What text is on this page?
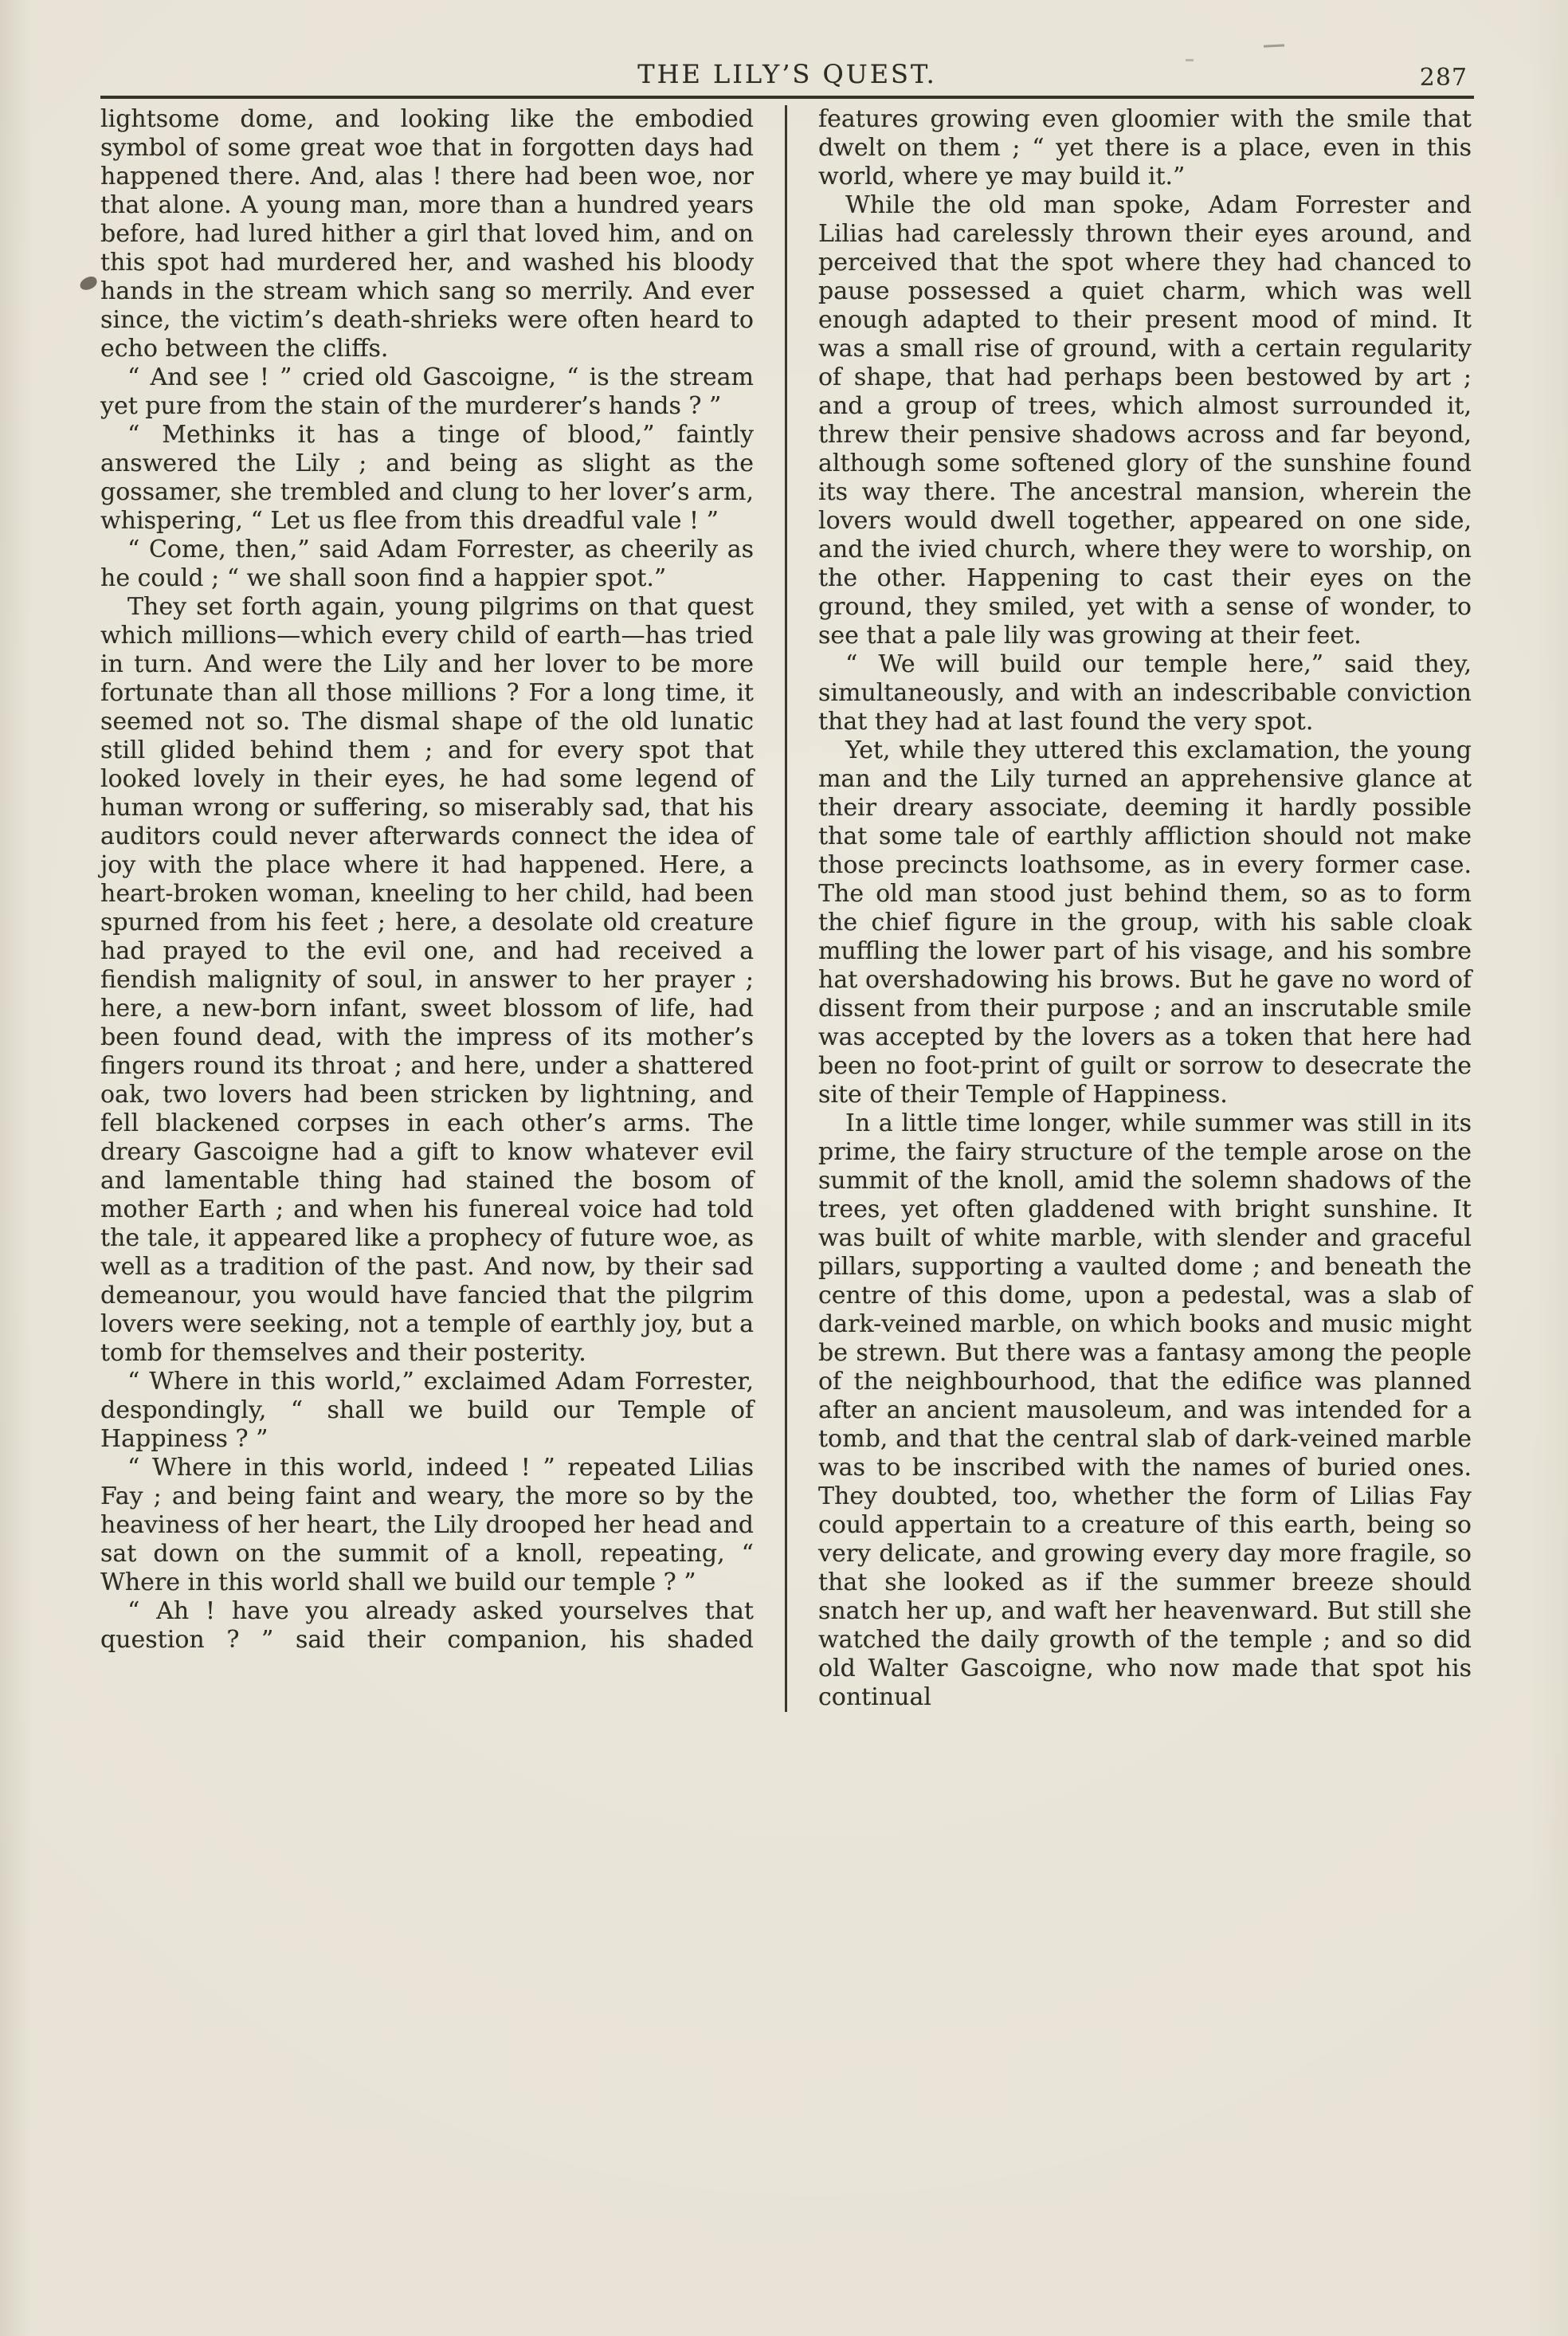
THE LILY’S QUEST.	287

lightsome dome, and looking like the embodied symbol of some great woe that in forgotten days had happened there. And, alas ! there had been woe, nor that alone. A young man, more than a hundred years before, had lured hither a girl that loved him, and on this spot had murdered her, and washed his bloody hands in the stream which sang so merrily. And ever since, the victim’s death-shrieks were often heard to echo between the cliffs.

“ And see ! ” cried old Gascoigne, “ is the stream yet pure from the stain of the murderer’s hands ? ”

“ Methinks it has a tinge of blood,” faintly answered the Lily ; and being as slight as the gossamer, she trembled and clung to her lover’s arm, whispering, “ Let us flee from this dreadful vale ! ”

“ Come, then,” said Adam Forrester, as cheerily as he could ; “ we shall soon find a happier spot.”

They set forth again, young pilgrims on that quest which millions—which every child of earth—has tried in turn. And were the Lily and her lover to be more fortunate than all those millions ? For a long time, it seemed not so. The dismal shape of the old lunatic still glided behind them ; and for every spot that looked lovely in their eyes, he had some legend of human wrong or suffering, so miserably sad, that his auditors could never afterwards connect the idea of joy with the place where it had happened. Here, a heart-broken woman, kneeling to her child, had been spurned from his feet ; here, a desolate old creature had prayed to the evil one, and had received a fiendish malignity of soul, in answer to her prayer ; here, a new-born infant, sweet blossom of life, had been found dead, with the impress of its mother’s fingers round its throat ; and here, under a shattered oak, two lovers had been stricken by lightning, and fell blackened corpses in each other’s arms. The dreary Gascoigne had a gift to know whatever evil and lamentable thing had stained the bosom of mother Earth ; and when his funereal voice had told the tale, it appeared like a prophecy of future woe, as well as a tradition of the past. And now, by their sad demeanour, you would have fancied that the pilgrim lovers were seeking, not a temple of earthly joy, but a tomb for themselves and their posterity.

“ Where in this world,” exclaimed Adam Forrester, despondingly, “ shall we build our Temple of Happiness ? ”

“ Where in this world, indeed ! ” repeated Lilias Fay ; and being faint and weary, the more so by the heaviness of her heart, the Lily drooped her head and sat down on the summit of a knoll, repeating, “ Where in this world shall we build our temple ? ”

“ Ah ! have you already asked yourselves that question ? ” said their companion, his shaded

features growing even gloomier with the smile that dwelt on them ; “ yet there is a place, even in this world, where ye may build it.”

While the old man spoke, Adam Forrester and Lilias had carelessly thrown their eyes around, and perceived that the spot where they had chanced to pause possessed a quiet charm, which was well enough adapted to their present mood of mind. It was a small rise of ground, with a certain regularity of shape, that had perhaps been bestowed by art ; and a group of trees, which almost surrounded it, threw their pensive shadows across and far beyond, although some softened glory of the sunshine found its way there. The ancestral mansion, wherein the lovers would dwell together, appeared on one side, and the ivied church, where they were to worship, on the other. Happening to cast their eyes on the ground, they smiled, yet with a sense of wonder, to see that a pale lily was growing at their feet.

“ We will build our temple here,” said they, simultaneously, and with an indescribable conviction that they had at last found the very spot.

Yet, while they uttered this exclamation, the young man and the Lily turned an apprehensive glance at their dreary associate, deeming it hardly possible that some tale of earthly affliction should not make those precincts loathsome, as in every former case. The old man stood just behind them, so as to form the chief figure in the group, with his sable cloak muffling the lower part of his visage, and his sombre hat overshadowing his brows. But he gave no word of dissent from their purpose ; and an inscrutable smile was accepted by the lovers as a token that here had been no foot-print of guilt or sorrow to desecrate the site of their Temple of Happiness.

In a little time longer, while summer was still in its prime, the fairy structure of the temple arose on the summit of the knoll, amid the solemn shadows of the trees, yet often gladdened with bright sunshine. It was built of white marble, with slender and graceful pillars, supporting a vaulted dome ; and beneath the centre of this dome, upon a pedestal, was a slab of dark-veined marble, on which books and music might be strewn. But there was a fantasy among the people of the neighbourhood, that the edifice was planned after an ancient mausoleum, and was intended for a tomb, and that the central slab of dark-veined marble was to be inscribed with the names of buried ones. They doubted, too, whether the form of Lilias Fay could appertain to a creature of this earth, being so very delicate, and growing every day more fragile, so that she looked as if the summer breeze should snatch her up, and waft her heavenward. But still she watched the daily growth of the temple ; and so did old Walter Gascoigne, who now made that spot his continual
